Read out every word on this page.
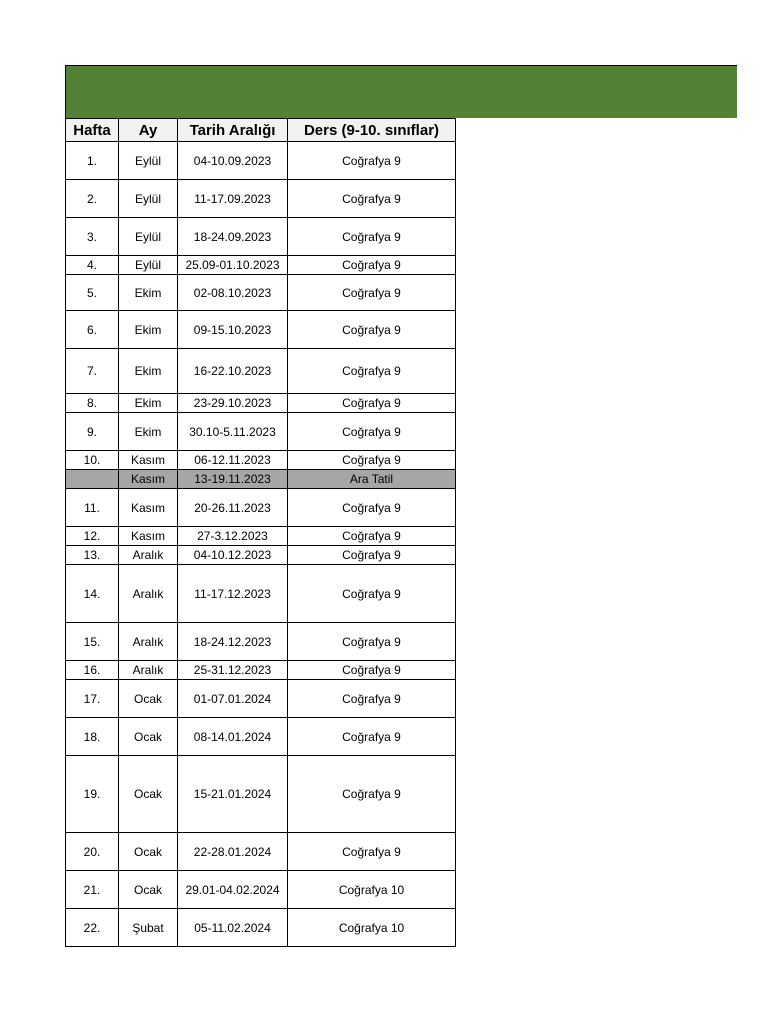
Hafta	Ay	Tarih Aralığı	Ders (9-10. sınıflar)
1.	Eylül	04-10.09.2023	Coğrafya 9
2.	Eylül	11-17.09.2023	Coğrafya 9
3.	Eylül	18-24.09.2023	Coğrafya 9
4.	Eylül	25.09-01.10.2023	Coğrafya 9
5.	Ekim	02-08.10.2023	Coğrafya 9
6.	Ekim	09-15.10.2023	Coğrafya 9
7.	Ekim	16-22.10.2023	Coğrafya 9
8.	Ekim	23-29.10.2023	Coğrafya 9
9.	Ekim	30.10-5.11.2023	Coğrafya 9
10.	Kasım	06-12.11.2023	Coğrafya 9
	Kasım	13-19.11.2023	Ara Tatil
11.	Kasım	20-26.11.2023	Coğrafya 9
12.	Kasım	27-3.12.2023	Coğrafya 9
13.	Aralık	04-10.12.2023	Coğrafya 9
14.	Aralık	11-17.12.2023	Coğrafya 9
15.	Aralık	18-24.12.2023	Coğrafya 9
16.	Aralık	25-31.12.2023	Coğrafya 9
17.	Ocak	01-07.01.2024	Coğrafya 9
18.	Ocak	08-14.01.2024	Coğrafya 9
19.	Ocak	15-21.01.2024	Coğrafya 9
20.	Ocak	22-28.01.2024	Coğrafya 9
21.	Ocak	29.01-04.02.2024	Coğrafya 10
22.	Şubat	05-11.02.2024	Coğrafya 10
